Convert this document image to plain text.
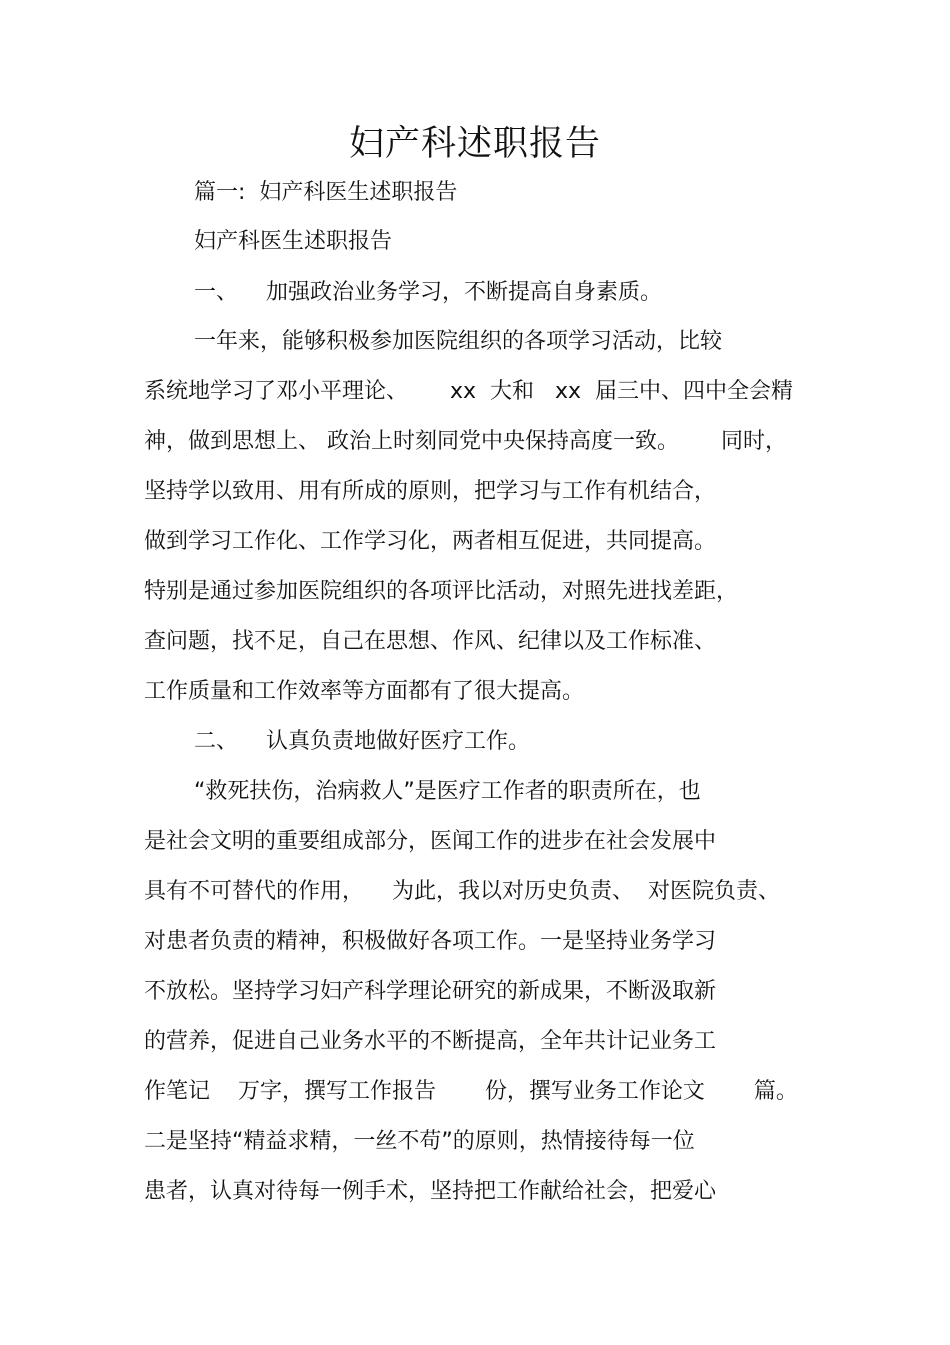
妇产科述职报告
篇一:  妇产科医生述职报告
妇产科医生述职报告
一、    加强政治业务学习，不断提高自身素质。
一年来，能够积极参加医院组织的各项学习活动，比较
系统地学习了邓小平理论、      xx  大和   xx  届三中、四中全会精
神，做到思想上、 政治上时刻同党中央保持高度一致。      同时，
坚持学以致用、用有所成的原则，把学习与工作有机结合，
做到学习工作化、工作学习化，两者相互促进，共同提高。
特别是通过参加医院组织的各项评比活动，对照先进找差距，
查问题，找不足，自己在思想、作风、纪律以及工作标准、
工作质量和工作效率等方面都有了很大提高。
二、    认真负责地做好医疗工作。
“救死扶伤，治病救人”是医疗工作者的职责所在，也
是社会文明的重要组成部分，医闻工作的进步在社会发展中
具有不可替代的作用，    为此，我以对历史负责、  对医院负责、
对患者负责的精神，积极做好各项工作。一是坚持业务学习
不放松。坚持学习妇产科学理论研究的新成果，不断汲取新
的营养，促进自己业务水平的不断提高，全年共计记业务工
作笔记    万字，撰写工作报告       份，撰写业务工作论文       篇。
二是坚持“精益求精，一丝不苟”的原则，热情接待每一位
患者，认真对待每一例手术，坚持把工作献给社会，把爱心
